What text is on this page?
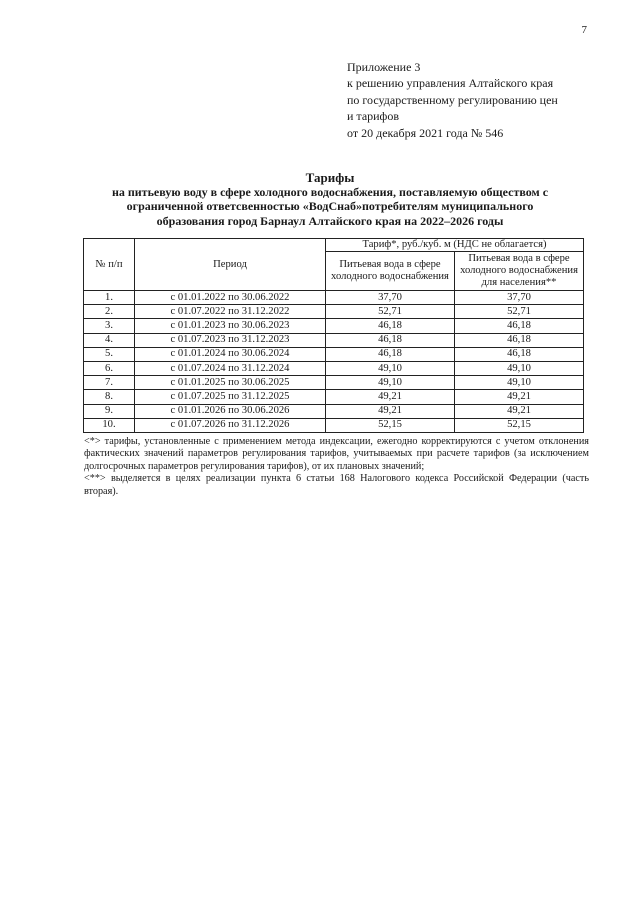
7
Приложение 3
к решению управления Алтайского края
по государственному регулированию цен
и тарифов
от 20 декабря 2021 года № 546
Тарифы
на питьевую воду в сфере холодного водоснабжения, поставляемую обществом с
ограниченной ответсвенностью «ВодСнаб»потребителям муниципального
образования город Барнаул Алтайского края на 2022–2026 годы
№ п/п	Период	Тариф*, руб./куб. м (НДС не облагается)	
		Питьевая вода в сфере холодного водоснабжения	Питьевая вода в сфере холодного водоснабжения для населения**
1.	с 01.01.2022 по 30.06.2022	37,70	37,70
2.	с 01.07.2022 по 31.12.2022	52,71	52,71
3.	с 01.01.2023 по 30.06.2023	46,18	46,18
4.	с 01.07.2023 по 31.12.2023	46,18	46,18
5.	с 01.01.2024 по 30.06.2024	46,18	46,18
6.	с 01.07.2024 по 31.12.2024	49,10	49,10
7.	с 01.01.2025 по 30.06.2025	49,10	49,10
8.	с 01.07.2025 по 31.12.2025	49,21	49,21
9.	с 01.01.2026 по 30.06.2026	49,21	49,21
10.	с 01.07.2026 по 31.12.2026	52,15	52,15

<*> тарифы, установленные с применением метода индексации, ежегодно корректируются с учетом отклонения фактических значений параметров регулирования тарифов, учитываемых при расчете тарифов (за исключением долгосрочных параметров регулирования тарифов), от их плановых значений;

<**> выделяется в целях реализации пункта 6 статьи 168 Налогового кодекса Российской Федерации (часть вторая).
